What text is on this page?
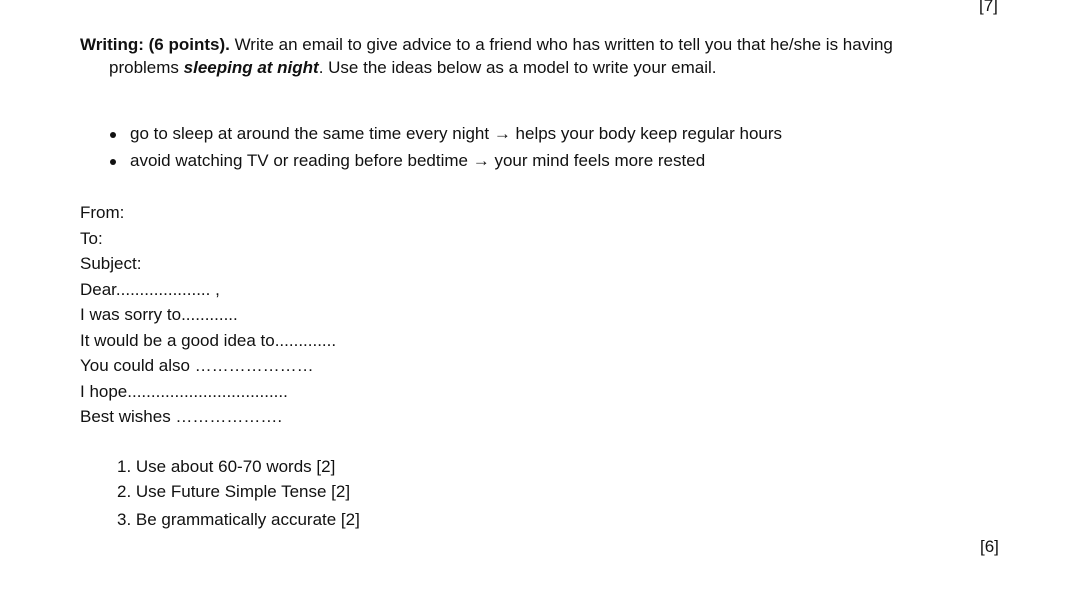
[7]
Writing: (6 points). Write an email to give advice to a friend who has written to tell you that he/she is having
problems sleeping at night. Use the ideas below as a model to write your email.
go to sleep at around the same time every night → helps your body keep regular hours
avoid watching TV or reading before bedtime → your mind feels more rested
From:
To:
Subject:
Dear.................... ,
I was sorry to............
It would be a good idea to.............
You could also …………………
I hope..................................
Best wishes ……………….
1. Use about 60-70 words [2]
2. Use Future Simple Tense [2]
3. Be grammatically accurate [2]
[6]
